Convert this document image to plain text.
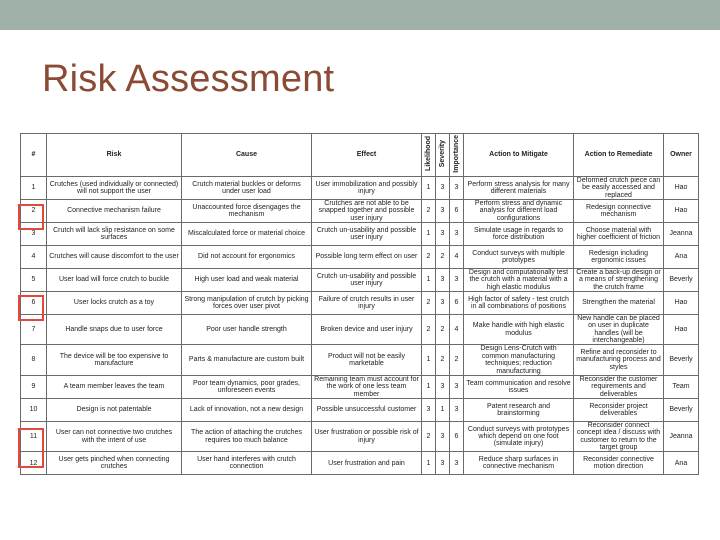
Risk Assessment
#	Risk	Cause	Effect	Likelihood	Severity	Importance	Action to Mitigate	Action to Remediate	Owner
1	Crutches (used individually or connected) will not support the user	Crutch material buckles or deforms under user load	User immobilization and possibly injury	1	3	3	Perform stress analysis for many different materials	Deformed crutch piece can be easily accessed and replaced	Hao
2	Connective mechanism failure	Unaccounted force disengages the mechanism	Crutches are not able to be snapped together and possible user injury	2	3	6	Perform stress and dynamic analysis for different load configurations	Redesign connective mechanism	Hao
3	Crutch will lack slip resistance on some surfaces	Miscalculated force or material choice	Crutch un-usability and possible user injury	1	3	3	Simulate usage in regards to force distribution	Choose material with higher coefficient of friction	Jeanna
4	Crutches will cause discomfort to the user	Did not account for ergonomics	Possible long term effect on user	2	2	4	Conduct surveys with multiple prototypes	Redesign including ergonomic issues	Ana
5	User load will force crutch to buckle	High user load and weak material	Crutch un-usability and possible user injury	1	3	3	Design and computationally test the crutch with a material with a high elastic modulus	Create a back-up design or a means of strengthening the crutch frame	Beverly
6	User locks crutch as a toy	Strong manipulation of crutch by picking forces over user pivot	Failure of crutch results in user injury	2	3	6	High factor of safety - test crutch in all combinations of positions	Strengthen the material	Hao
7	Handle snaps due to user force	Poor user handle strength	Broken device and user injury	2	2	4	Make handle with high elastic modulus	New handle can be placed on user in duplicate handles (will be interchangeable)	Hao
8	The device will be too expensive to manufacture	Parts & manufacture are custom built	Product will not be easily marketable	1	2	2	Design Lens-Crutch with common manufacturing techniques; reduction manufacturing	Refine and reconsider to manufacturing process and styles	Beverly
9	A team member leaves the team	Poor team dynamics, poor grades, unforeseen events	Remaining team must account for the work of one less team member	1	3	3	Team communication and resolve issues	Reconsider the customer requirements and deliverables	Team
10	Design is not patentable	Lack of innovation, not a new design	Possible unsuccessful customer	3	1	3	Patent research and brainstorming	Reconsider project deliverables	Beverly
11	User can not connective two crutches with the intent of use	The action of attaching the crutches requires too much balance	User frustration or possible risk of injury	2	3	6	Conduct surveys with prototypes which depend on one foot (simulate injury)	Reconsider connect concept idea / discuss with customer to return to the target group	Jeanna
12	User gets pinched when connecting crutches	User hand interferes with crutch connection	User frustration and pain	1	3	3	Reduce sharp surfaces in connective mechanism	Reconsider connective motion direction	Ana
